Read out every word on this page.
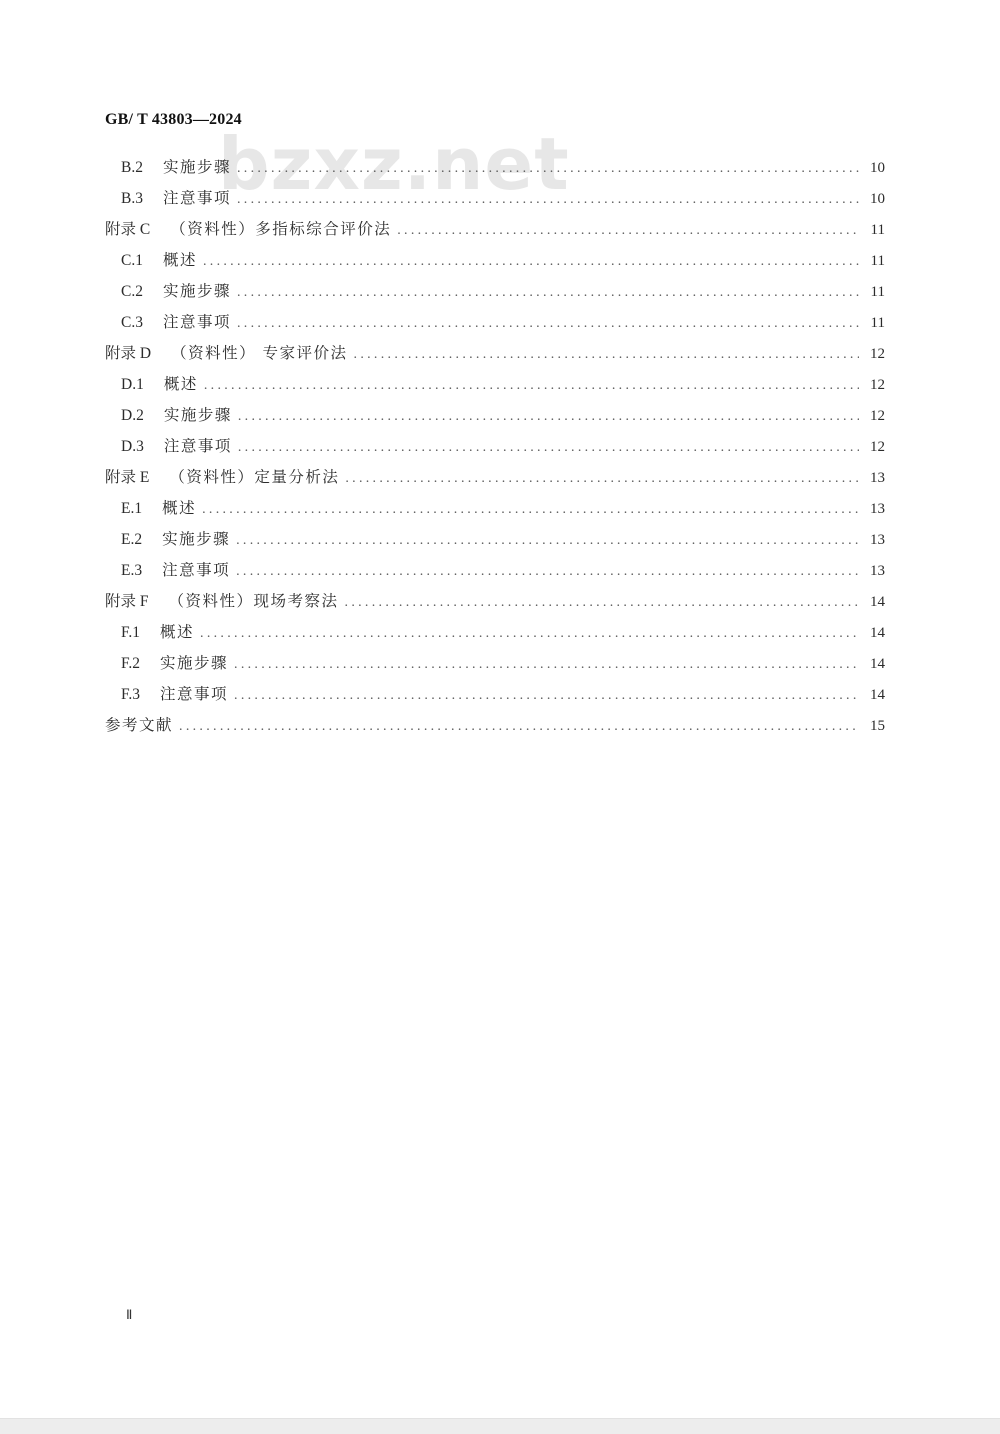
GB/ T 43803—2024
bzxz.net
B.2 实施步骤 .....	10
B.3 注意事项 .....	10
附录 C （资料性）多指标综合评价法 .....	11
C.1 概述 .....	11
C.2 实施步骤 .....	11
C.3 注意事项 .....	11
附录 D （资料性） 专家评价法 .....	12
D.1 概述 .....	12
D.2 实施步骤 .....	12
D.3 注意事项 .....	12
附录 E （资料性）定量分析法 .....	13
E.1 概述 .....	13
E.2 实施步骤 .....	13
E.3 注意事项 .....	13
附录 F （资料性）现场考察法 .....	14
F.1 概述 .....	14
F.2 实施步骤 .....	14
F.3 注意事项 .....	14
参考文献 .....	15
Ⅱ
